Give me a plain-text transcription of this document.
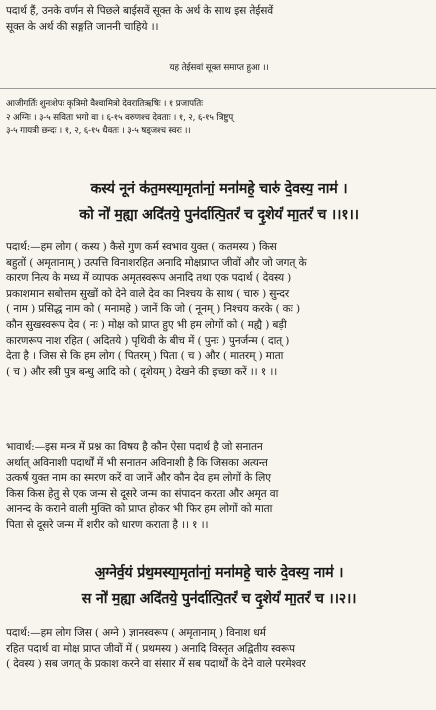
पदार्थ हैं, उनके वर्णन से पिछले बाईसवें सूक्त के अर्थ के साथ इस तेईसवें
सूक्त के अर्थ की सङ्गति जाननी चाहिये ।।
यह तेईसवां सूक्त समाप्त हुआ ।।
आजीगर्तिः शुनःशेपः कृत्रिमो वैश्वामित्रो देवरातिऋषिः । १ प्रजापतिः
२ अग्निः । ३-५ सविता भगो वा । ६-१५ वरुणश्च देवताः । १, २, ६-१५ त्रिष्टुप्
३-५ गायत्री छन्दः । १, २, ६-१५ धैवतः । ३-५ षड्जश्च स्वरः ।।
कस्य॑ नूनं क॑त॒मस्या॒मृता॑नां॒ मना॑महे॒ चारु॑ दे॒वस्य॒ नाम॑ ।
को नो॑ म॒ह्या अदि॑तये॒ पुन॑र्दात्पि॒तरं॑ च दृ॒शेयं॑ मा॒तरं॑ च ।।१।।
पदार्थ:—हम लोग ( कस्य ) कैसे गुण कर्म स्वभाव युक्त ( कतमस्य ) किस
बहुतों ( अमृतानाम् ) उत्पत्ति विनाशरहित अनादि मोक्षप्राप्त जीवों और जो जगत् के
कारण नित्य के मध्य में व्यापक अमृतस्वरूप अनादि तथा एक पदार्थ ( देवस्य )
प्रकाशमान सबोत्तम सुखों को देने वाले देव का निश्चय के साथ ( चारु ) सुन्दर
( नाम ) प्रसिद्ध नाम को ( मनामहे ) जानें कि जो ( नूनम् ) निश्चय करके ( कः )
कौन सुखस्वरूप देव ( नः ) मोक्ष को प्राप्त हुए भी हम लोगों को ( मह्यै ) बड़ी
कारणरूप नाश रहित ( अदितये ) पृथिवी के बीच में ( पुनः ) पुनर्जन्म ( दात् )
देता है । जिस से कि हम लोग ( पितरम् ) पिता ( च ) और ( मातरम् ) माता
( च ) और स्त्री पुत्र बन्धु आदि को ( दृशेयम् ) देखने की इच्छा करें ।। १ ।।
भावार्थ:—इस मन्त्र में प्रश्न का विषय है कौन ऐसा पदार्थ है जो सनातन
अर्थात् अविनाशी पदार्थों में भी सनातन अविनाशी है कि जिसका अत्यन्त
उत्कर्ष युक्त नाम का स्मरण करें वा जानें और कौन देव हम लोगों के लिए
किस किस हेतु से एक जन्म से दूसरे जन्म का संपादन करता और अमृत वा
आनन्द के कराने वाली मुक्ति को प्राप्त होकर भी फिर हम लोगों को माता
पिता से दूसरे जन्म में शरीर को धारण कराता है ।। १ ।।
अ॒ग्नेर्व॒यं प्र॑थ॒मस्या॒मृता॑नां॒ मना॑महे॒ चारु॑ दे॒वस्य॒ नाम॑ ।
स नो॑ म॒ह्या अदि॑तये॒ पुन॑र्दात्पि॒तरं॑ च दृ॒शेयं॑ मा॒तरं॑ च ।।२।।
पदार्थ:—हम लोग जिस ( अग्ने ) ज्ञानस्वरूप ( अमृतानाम् ) विनाश धर्म
रहित पदार्थ वा मोक्ष प्राप्त जीवों में ( प्रथमस्य ) अनादि विस्तृत अद्वितीय स्वरूप
( देवस्य ) सब जगत् के प्रकाश करने वा संसार में सब पदार्थों के देने वाले परमेश्वर
